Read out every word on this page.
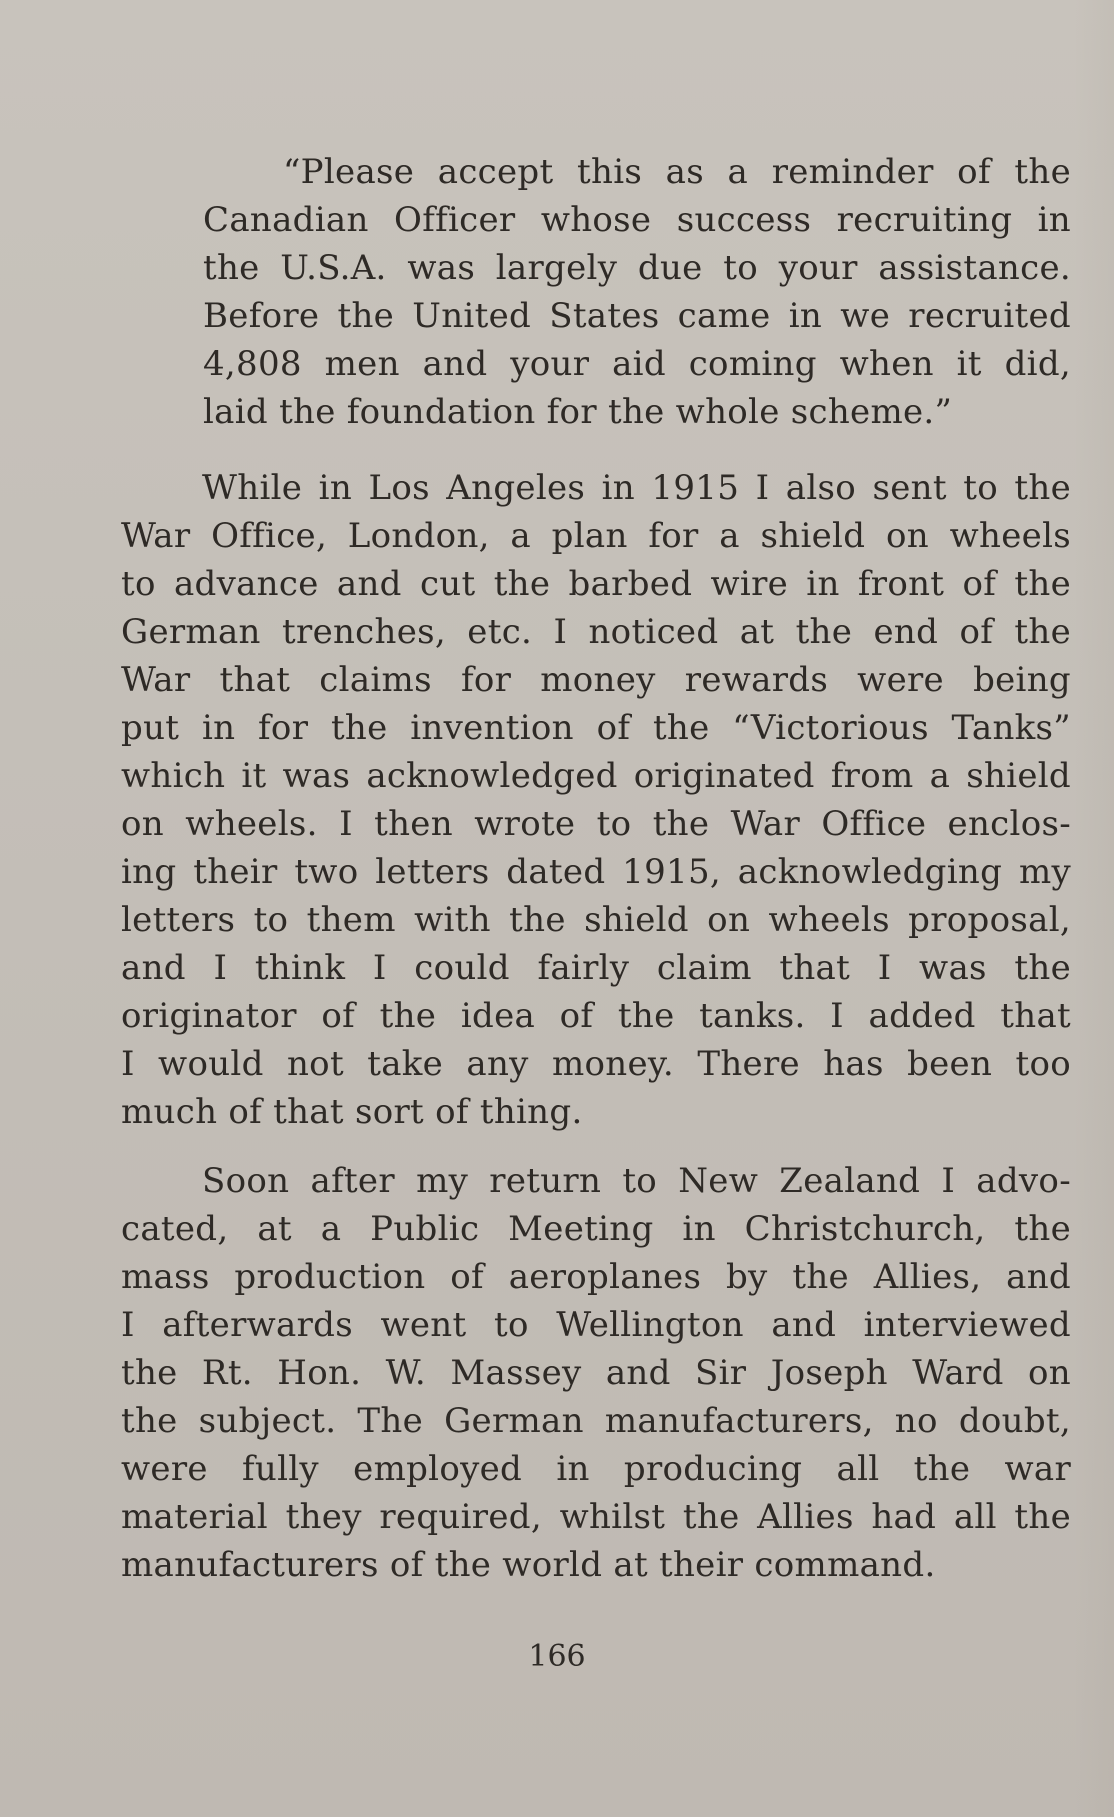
“Please accept this as a reminder of the
Canadian Officer whose success recruiting in
the U.S.A. was largely due to your assistance.
Before the United States came in we recruited
4,808 men and your aid coming when it did,
laid the foundation for the whole scheme.”
While in Los Angeles in 1915 I also sent to the
War Office, London, a plan for a shield on wheels
to advance and cut the barbed wire in front of the
German trenches, etc. I noticed at the end of the
War that claims for money rewards were being
put in for the invention of the “Victorious Tanks”
which it was acknowledged originated from a shield
on wheels. I then wrote to the War Office enclos-
ing their two letters dated 1915, acknowledging my
letters to them with the shield on wheels proposal,
and I think I could fairly claim that I was the
originator of the idea of the tanks. I added that
I would not take any money. There has been too
much of that sort of thing.
Soon after my return to New Zealand I advo-
cated, at a Public Meeting in Christchurch, the
mass production of aeroplanes by the Allies, and
I afterwards went to Wellington and interviewed
the Rt. Hon. W. Massey and Sir Joseph Ward on
the subject. The German manufacturers, no doubt,
were fully employed in producing all the war
material they required, whilst the Allies had all the
manufacturers of the world at their command.
166
